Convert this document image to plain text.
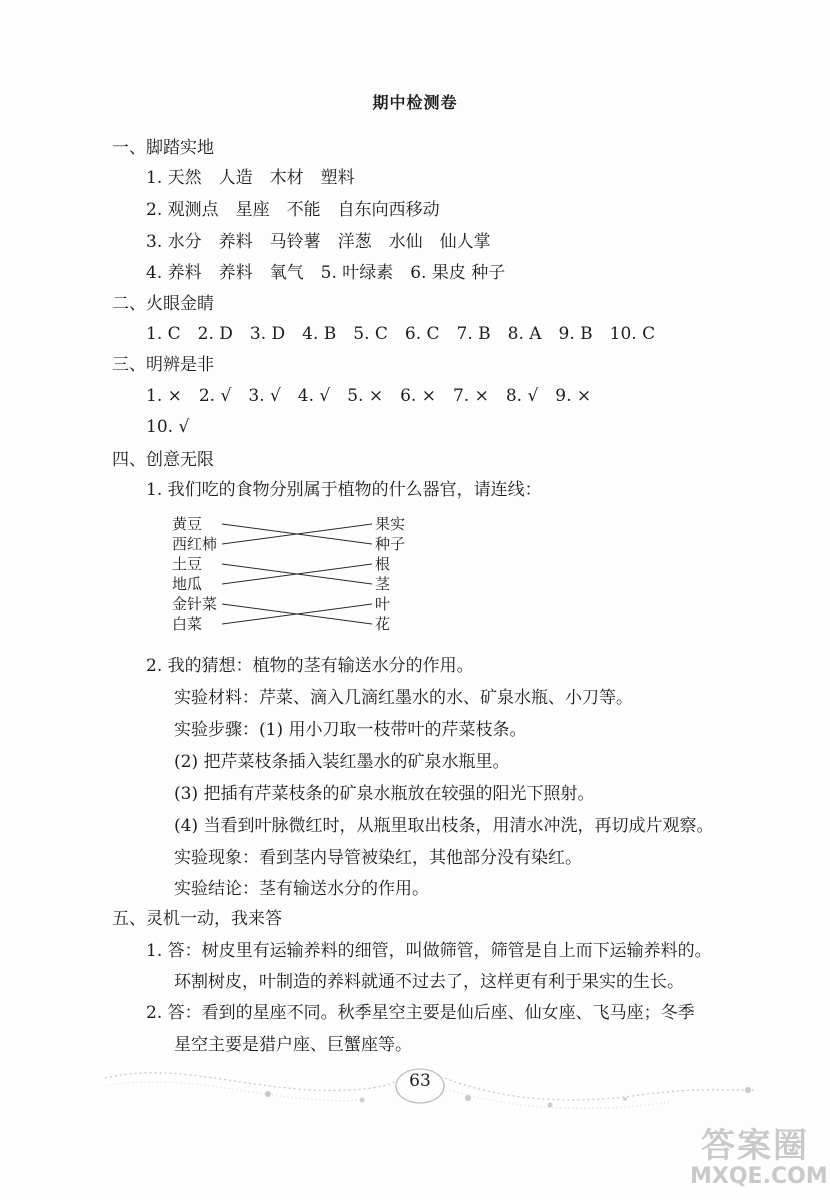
期中检测卷
一、脚踏实地
1. 天然　人造　木材　塑料
2. 观测点　星座　不能　自东向西移动
3. 水分　养料　马铃薯　洋葱　水仙　仙人掌
4. 养料　养料　氧气　5. 叶绿素　6. 果皮 种子
二、火眼金睛
1. C　2. D　3. D　4. B　5. C　6. C　7. B　8. A　9. B　10. C
三、明辨是非
1. ×　2. √　3. √　4. √　5. ×　6. ×　7. ×　8. √　9. ×
10. √
四、创意无限
1. 我们吃的食物分别属于植物的什么器官，请连线：
黄豆
西红柿
土豆
地瓜
金针菜
白菜
果实
种子
根
茎
叶
花
2. 我的猜想：植物的茎有输送水分的作用。
实验材料：芹菜、滴入几滴红墨水的水、矿泉水瓶、小刀等。
实验步骤：(1) 用小刀取一枝带叶的芹菜枝条。
(2) 把芹菜枝条插入装红墨水的矿泉水瓶里。
(3) 把插有芹菜枝条的矿泉水瓶放在较强的阳光下照射。
(4) 当看到叶脉微红时，从瓶里取出枝条，用清水冲洗，再切成片观察。
实验现象：看到茎内导管被染红，其他部分没有染红。
实验结论：茎有输送水分的作用。
五、灵机一动，我来答
1. 答：树皮里有运输养料的细管，叫做筛管，筛管是自上而下运输养料的。
环割树皮，叶制造的养料就通不过去了，这样更有利于果实的生长。
2. 答：看到的星座不同。秋季星空主要是仙后座、仙女座、飞马座；冬季
星空主要是猎户座、巨蟹座等。
63
答案圈
MXQE.COM
